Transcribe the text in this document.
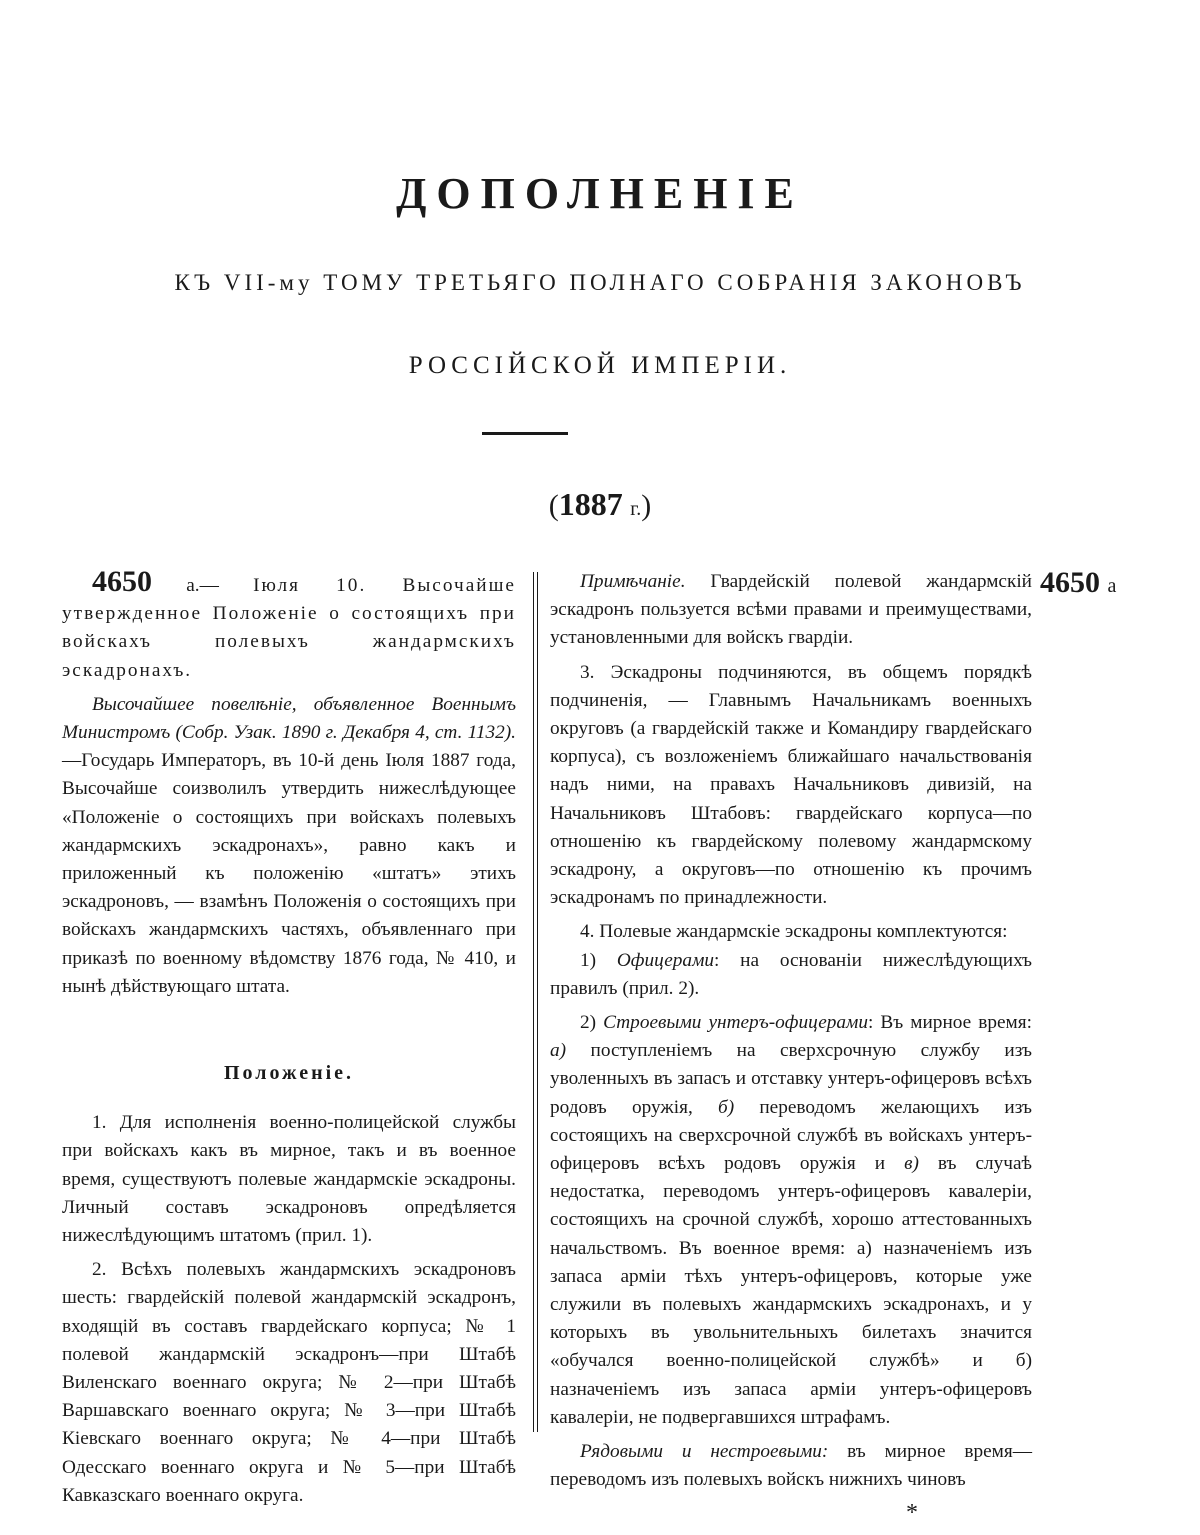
ДОПОЛНЕНІЕ
КЪ VII-му ТОМУ ТРЕТЬЯГО ПОЛНАГО СОБРАНІЯ ЗАКОНОВЪ
РОССІЙСКОЙ ИМПЕРІИ.
(1887 г.)
4650 а

4650 а.— Іюля 10. Высочайше утвержденное Положеніе о состоящихъ при войскахъ полевыхъ жандармскихъ эскадронахъ.

Высочайшее повелѣніе, объявленное Военнымъ Министромъ (Собр. Узак. 1890 г. Декабря 4, ст. 1132).—Государь Императоръ, въ 10-й день Іюля 1887 года, Высочайше соизволилъ утвердить нижеслѣдующее «Положеніе о состоящихъ при войскахъ полевыхъ жандармскихъ эскадронахъ», равно какъ и приложенный къ положенію «штатъ» этихъ эскадроновъ, — взамѣнъ Положенія о состоящихъ при войскахъ жандармскихъ частяхъ, объявленнаго при приказѣ по военному вѣдомству 1876 года, № 410, и нынѣ дѣйствующаго штата.

Положеніе.

1. Для исполненія военно-полицейской службы при войскахъ какъ въ мирное, такъ и въ военное время, существуютъ полевые жандармскіе эскадроны. Личный составъ эскадроновъ опредѣляется нижеслѣдующимъ штатомъ (прил. 1).

2. Всѣхъ полевыхъ жандармскихъ эскадроновъ шесть: гвардейскій полевой жандармскій эскадронъ, входящій въ составъ гвардейскаго корпуса; № 1 полевой жандармскій эскадронъ—при Штабѣ Виленскаго военнаго округа; № 2—при Штабѣ Варшавскаго военнаго округа; № 3—при Штабѣ Кіевскаго военнаго округа; № 4—при Штабѣ Одесскаго военнаго округа и № 5—при Штабѣ Кавказскаго военнаго округа.

Примѣчаніе. Гвардейскій полевой жандармскій эскадронъ пользуется всѣми правами и преимуществами, установленными для войскъ гвардіи.

3. Эскадроны подчиняются, въ общемъ порядкѣ подчиненія, — Главнымъ Начальникамъ военныхъ округовъ (а гвардейскій также и Командиру гвардейскаго корпуса), съ возложеніемъ ближайшаго начальствованія надъ ними, на правахъ Начальниковъ дивизій, на Начальниковъ Штабовъ: гвардейскаго корпуса—по отношенію къ гвардейскому полевому жандармскому эскадрону, а округовъ—по отношенію къ прочимъ эскадронамъ по принадлежности.

4. Полевые жандармскіе эскадроны комплектуются:

1) Офицерами: на основаніи нижеслѣдующихъ правилъ (прил. 2).

2) Строевыми унтеръ-офицерами: Въ мирное время: а) поступленіемъ на сверхсрочную службу изъ уволенныхъ въ запасъ и отставку унтеръ-офицеровъ всѣхъ родовъ оружія, б) переводомъ желающихъ изъ состоящихъ на сверхсрочной службѣ въ войскахъ унтеръ-офицеровъ всѣхъ родовъ оружія и в) въ случаѣ недостатка, переводомъ унтеръ-офицеровъ кавалеріи, состоящихъ на срочной службѣ, хорошо аттестованныхъ начальствомъ. Въ военное время: а) назначеніемъ изъ запаса арміи тѣхъ унтеръ-офицеровъ, которые уже служили въ полевыхъ жандармскихъ эскадронахъ, и у которыхъ въ увольнительныхъ билетахъ значится «обучался военно-полицейской службѣ» и б) назначеніемъ изъ запаса арміи унтеръ-офицеровъ кавалеріи, не подвергавшихся штрафамъ.

Рядовыми и нестроевыми: въ мирное время—переводомъ изъ полевыхъ войскъ нижнихъ чиновъ

*
